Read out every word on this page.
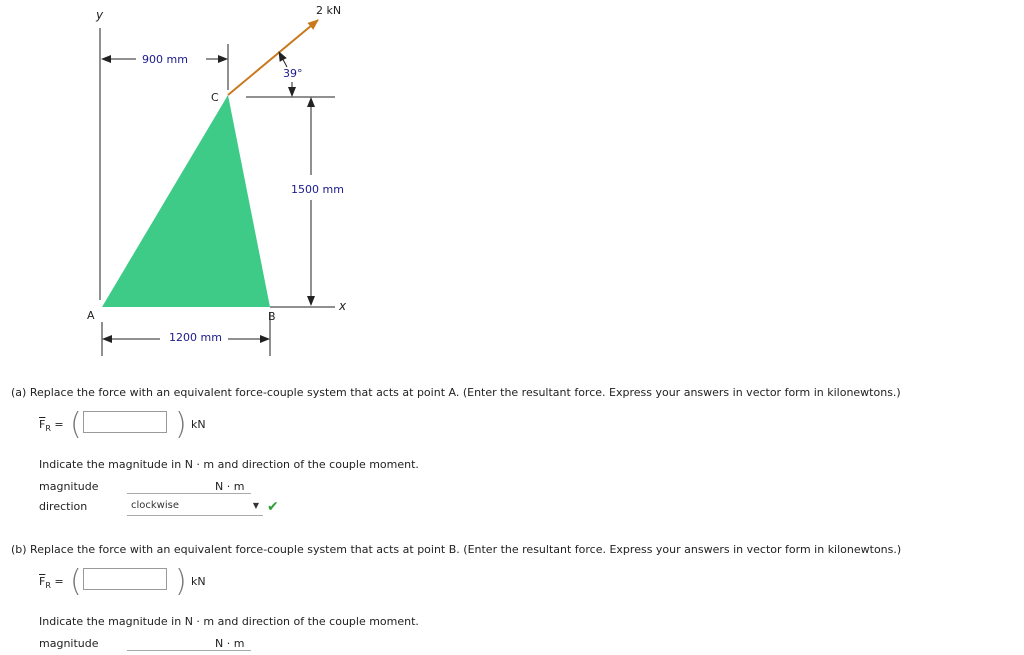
y
x
2 kN
39°
900 mm
1500 mm
1200 mm
A	B
C
(a) Replace the force with an equivalent force-couple system that acts at point A. (Enter the resultant force. Express your answers in vector form in kilonewtons.)
$\overline{F}_R$ = (	) kN
Indicate the magnitude in N · m and direction of the couple moment.
magnitude	N · m
direction	clockwise	▼ ✔
(b) Replace the force with an equivalent force-couple system that acts at point B. (Enter the resultant force. Express your answers in vector form in kilonewtons.)
$\overline{F}_R$ = (	) kN
Indicate the magnitude in N · m and direction of the couple moment.
magnitude	N · m
